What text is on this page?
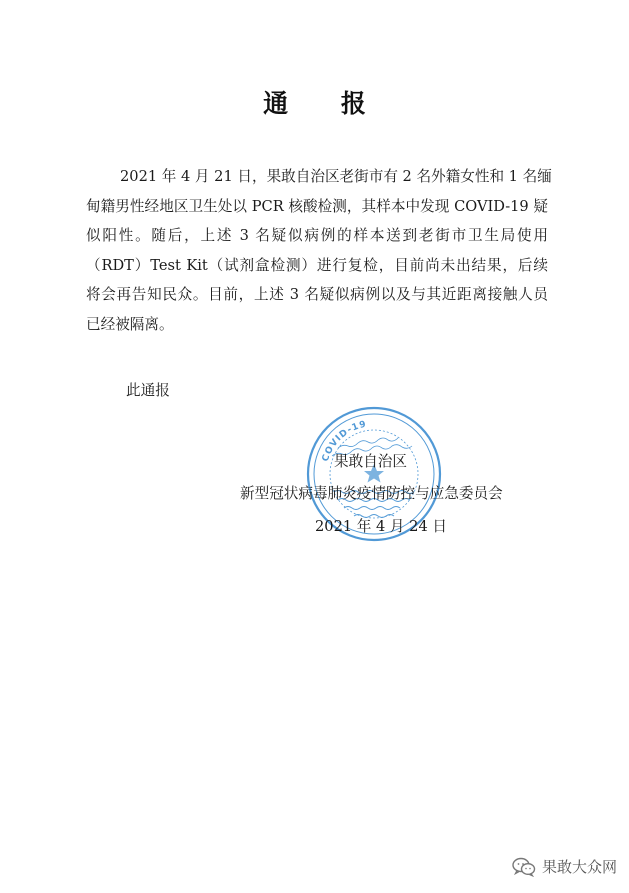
通 报
2021 年 4 月 21 日，果敢自治区老街市有 2 名外籍女性和 1 名缅
甸籍男性经地区卫生处以 PCR 核酸检测，其样本中发现 COVID-19 疑
似阳性。随后，上述 3 名疑似病例的样本送到老街市卫生局使用
（RDT）Test Kit（试剂盒检测）进行复检，目前尚未出结果，后续
将会再告知民众。目前，上述 3 名疑似病例以及与其近距离接触人员
已经被隔离。
此通报
COVID-19
果敢自治区
新型冠状病毒肺炎疫情防控与应急委员会
2021 年 4 月 24 日
果敢大众网
